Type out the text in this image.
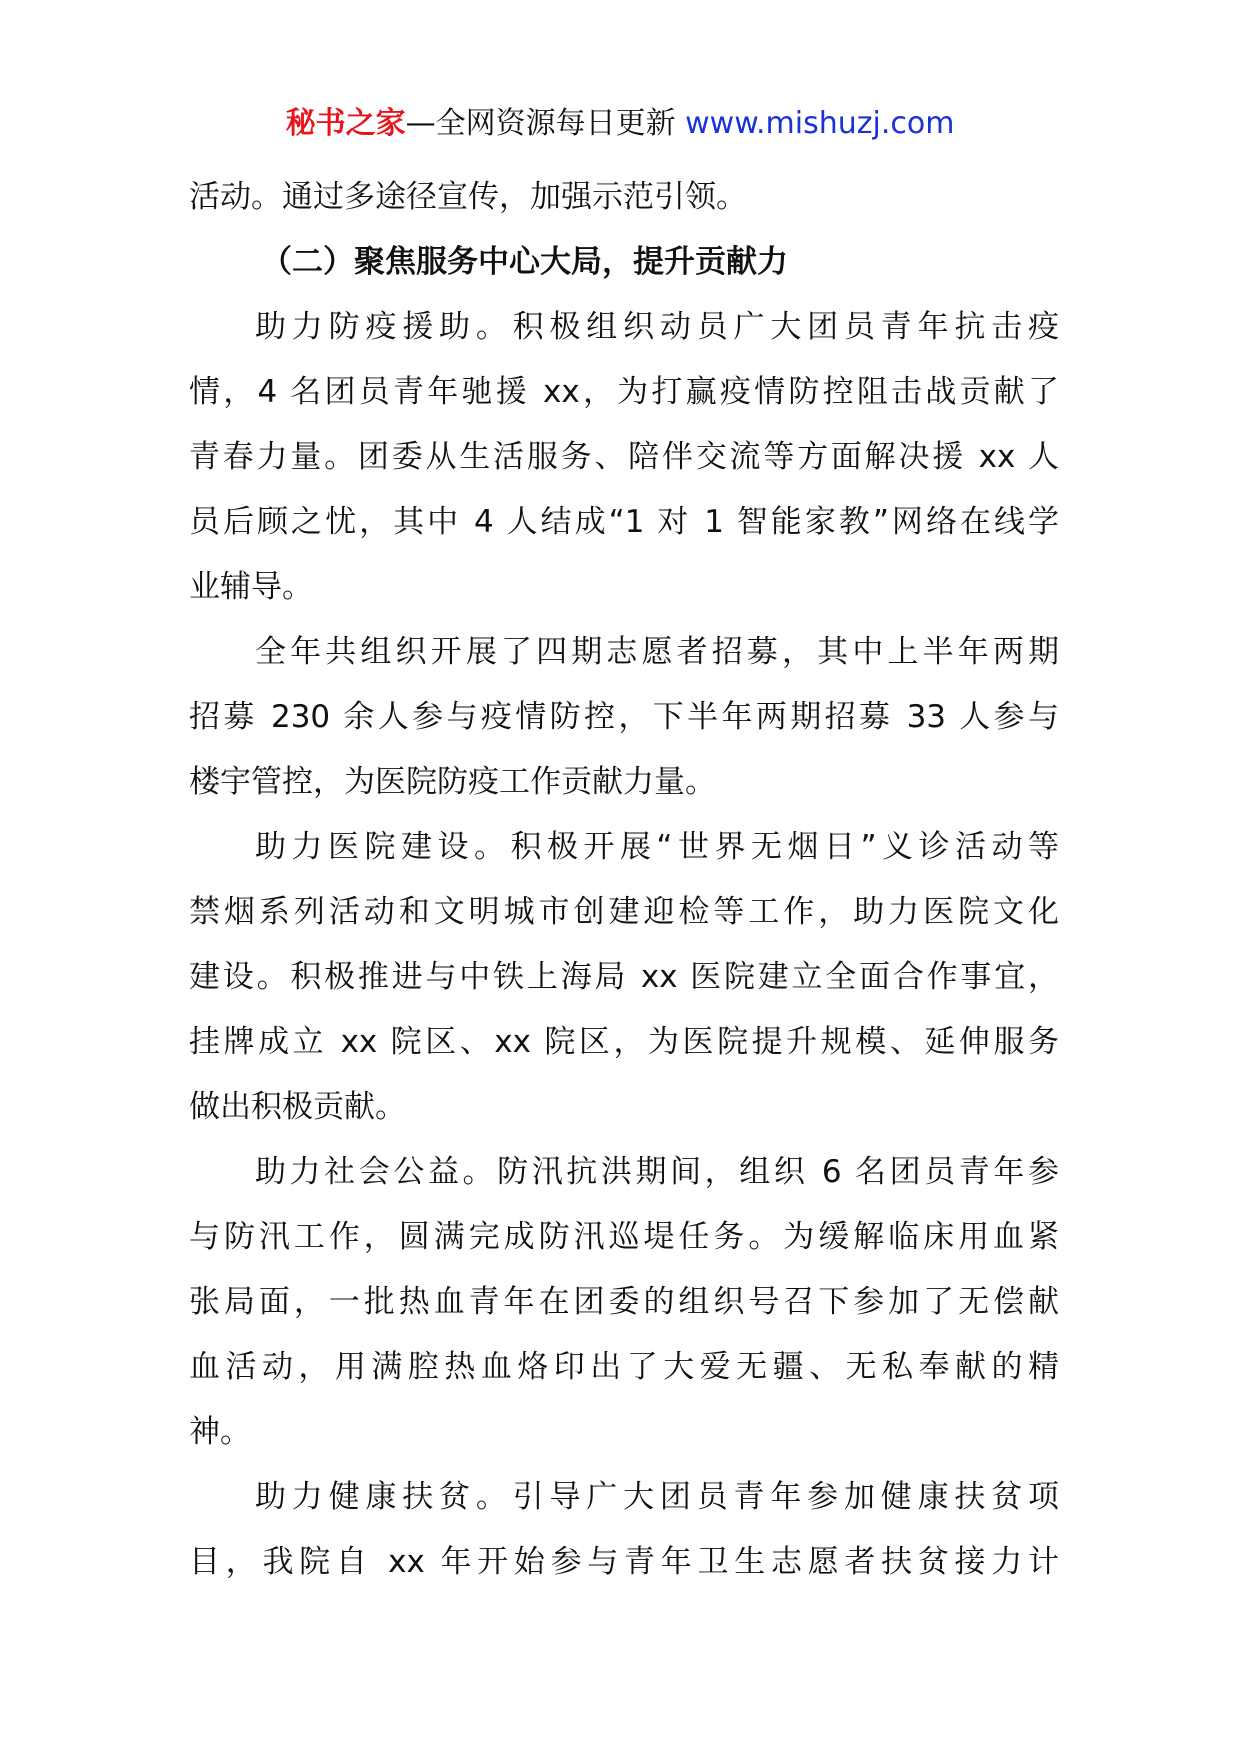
秘书之家—全网资源每日更新 www.mishuzj.com
活动。通过多途径宣传，加强示范引领。
（二）聚焦服务中心大局，提升贡献力
助力防疫援助。积极组织动员广大团员青年抗击疫
情，4 名团员青年驰援 xx，为打赢疫情防控阻击战贡献了
青春力量。团委从生活服务、陪伴交流等方面解决援 xx 人
员后顾之忧，其中 4 人结成“1 对 1 智能家教”网络在线学
业辅导。
全年共组织开展了四期志愿者招募，其中上半年两期
招募 230 余人参与疫情防控，下半年两期招募 33 人参与
楼宇管控，为医院防疫工作贡献力量。
助力医院建设。积极开展“世界无烟日”义诊活动等
禁烟系列活动和文明城市创建迎检等工作，助力医院文化
建设。积极推进与中铁上海局 xx 医院建立全面合作事宜，
挂牌成立 xx 院区、xx 院区，为医院提升规模、延伸服务
做出积极贡献。
助力社会公益。防汛抗洪期间，组织 6 名团员青年参
与防汛工作，圆满完成防汛巡堤任务。为缓解临床用血紧
张局面，一批热血青年在团委的组织号召下参加了无偿献
血活动，用满腔热血烙印出了大爱无疆、无私奉献的精
神。
助力健康扶贫。引导广大团员青年参加健康扶贫项
目，我院自 xx 年开始参与青年卫生志愿者扶贫接力计
